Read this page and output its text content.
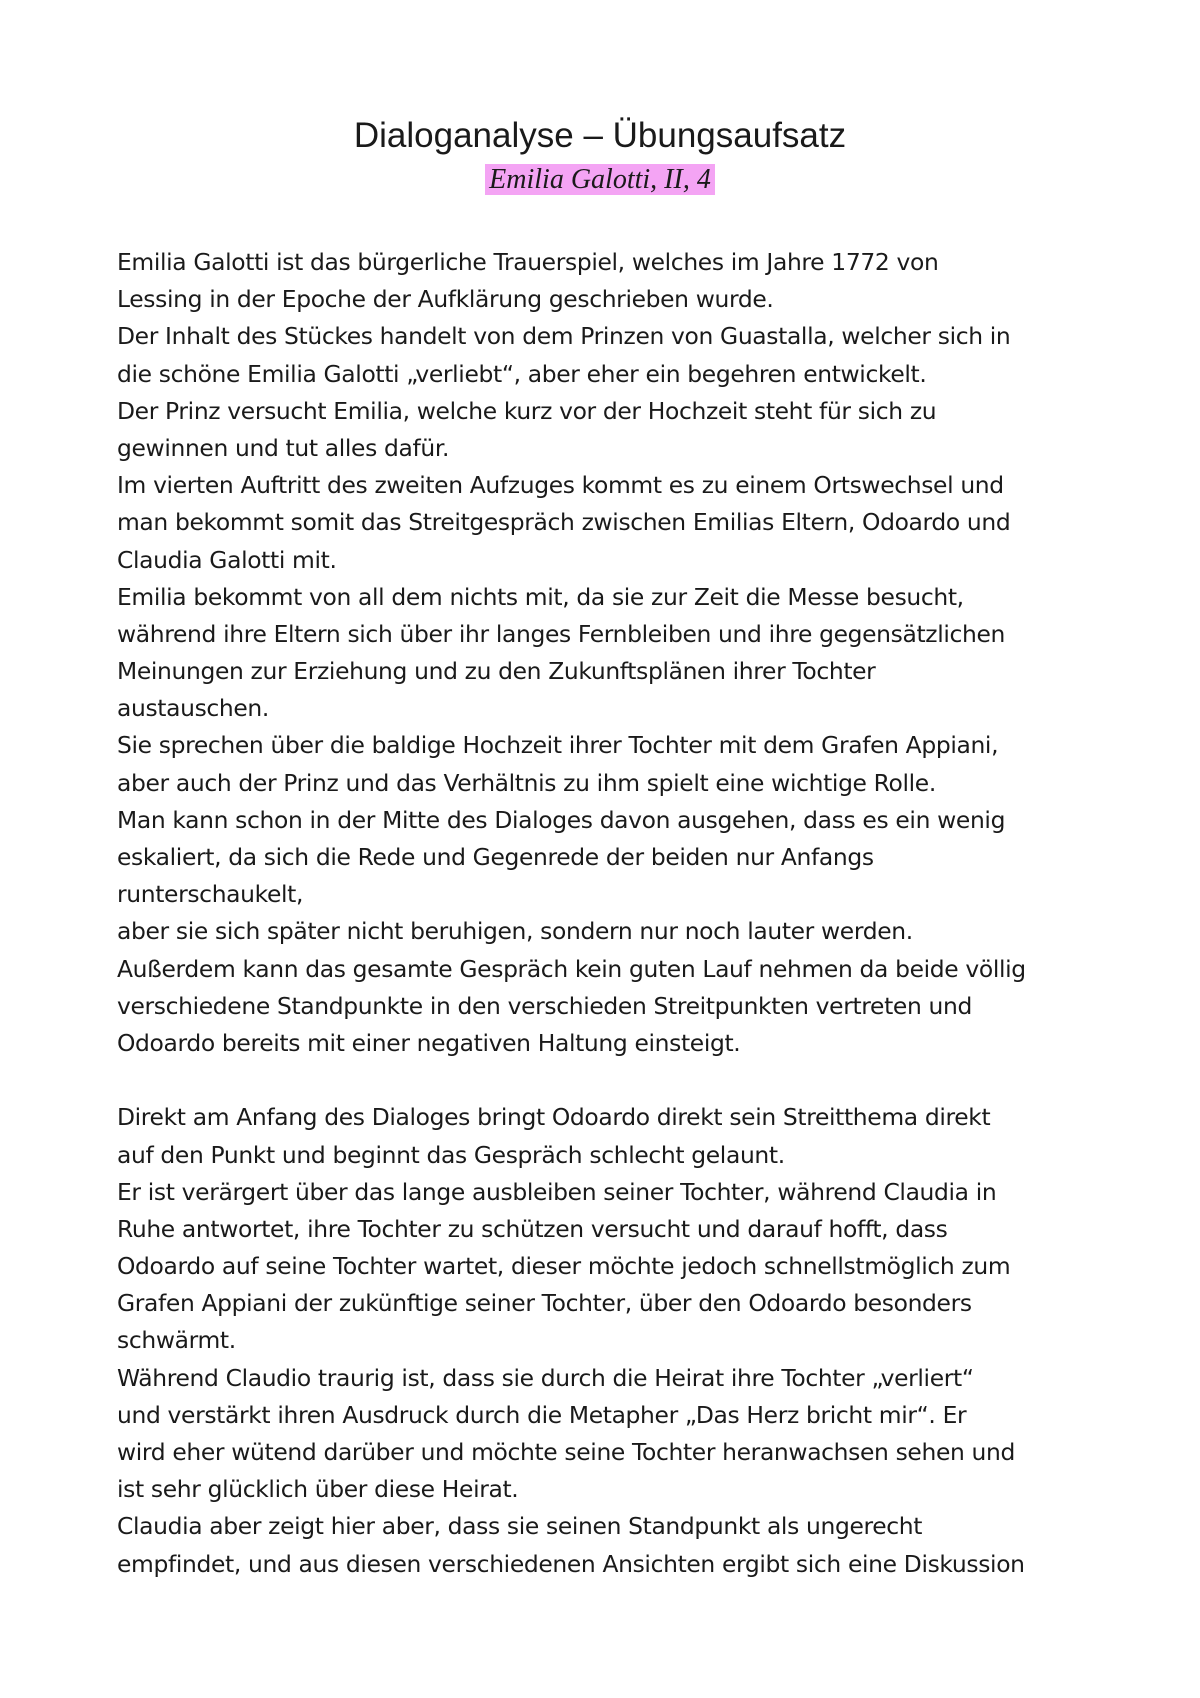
Dialoganalyse – Übungsaufsatz
Emilia Galotti, II, 4
Emilia Galotti ist das bürgerliche Trauerspiel, welches im Jahre 1772 von
Lessing in der Epoche der Aufklärung geschrieben wurde.
Der Inhalt des Stückes handelt von dem Prinzen von Guastalla, welcher sich in
die schöne Emilia Galotti „verliebt“, aber eher ein begehren entwickelt.
Der Prinz versucht Emilia, welche kurz vor der Hochzeit steht für sich zu
gewinnen und tut alles dafür.
Im vierten Auftritt des zweiten Aufzuges kommt es zu einem Ortswechsel und
man bekommt somit das Streitgespräch zwischen Emilias Eltern, Odoardo und
Claudia Galotti mit.
Emilia bekommt von all dem nichts mit, da sie zur Zeit die Messe besucht,
während ihre Eltern sich über ihr langes Fernbleiben und ihre gegensätzlichen
Meinungen zur Erziehung und zu den Zukunftsplänen ihrer Tochter
austauschen.
Sie sprechen über die baldige Hochzeit ihrer Tochter mit dem Grafen Appiani,
aber auch der Prinz und das Verhältnis zu ihm spielt eine wichtige Rolle.
Man kann schon in der Mitte des Dialoges davon ausgehen, dass es ein wenig
eskaliert, da sich die Rede und Gegenrede der beiden nur Anfangs
runterschaukelt,
aber sie sich später nicht beruhigen, sondern nur noch lauter werden.
Außerdem kann das gesamte Gespräch kein guten Lauf nehmen da beide völlig
verschiedene Standpunkte in den verschieden Streitpunkten vertreten und
Odoardo bereits mit einer negativen Haltung einsteigt.
Direkt am Anfang des Dialoges bringt Odoardo direkt sein Streitthema direkt
auf den Punkt und beginnt das Gespräch schlecht gelaunt.
Er ist verärgert über das lange ausbleiben seiner Tochter, während Claudia in
Ruhe antwortet, ihre Tochter zu schützen versucht und darauf hofft, dass
Odoardo auf seine Tochter wartet, dieser möchte jedoch schnellstmöglich zum
Grafen Appiani der zukünftige seiner Tochter, über den Odoardo besonders
schwärmt.
Während Claudio traurig ist, dass sie durch die Heirat ihre Tochter „verliert“
und verstärkt ihren Ausdruck durch die Metapher „Das Herz bricht mir“. Er
wird eher wütend darüber und möchte seine Tochter heranwachsen sehen und
ist sehr glücklich über diese Heirat.
Claudia aber zeigt hier aber, dass sie seinen Standpunkt als ungerecht
empfindet, und aus diesen verschiedenen Ansichten ergibt sich eine Diskussion
